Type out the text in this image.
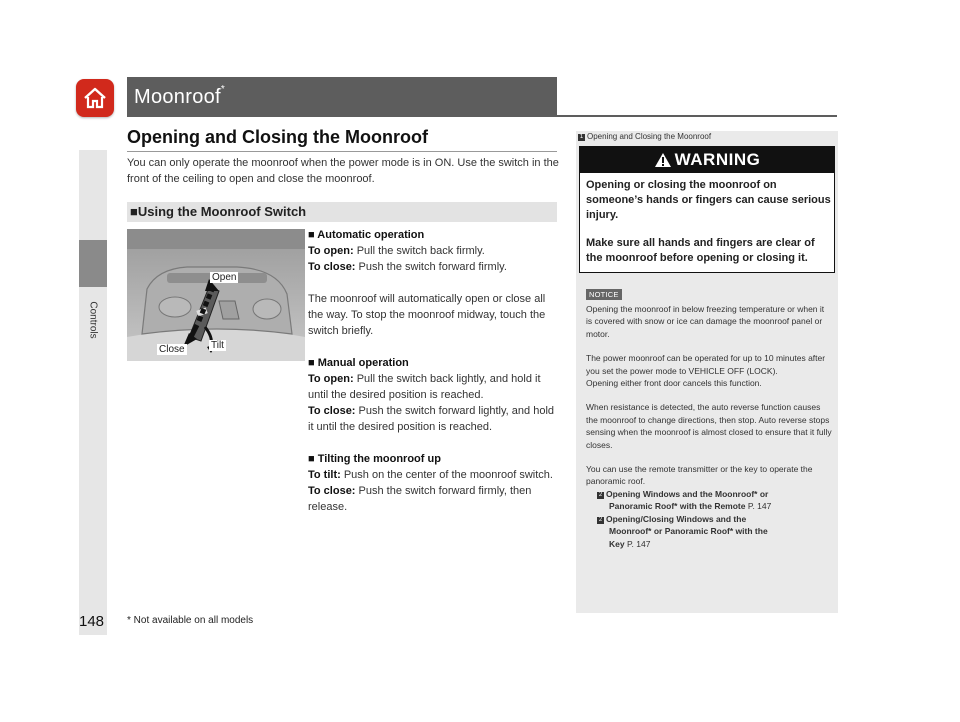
Controls
Moonroof*
Opening and Closing the Moonroof
You can only operate the moonroof when the power mode is in ON. Use the switch in the front of the ceiling to open and close the moonroof.
■Using the Moonroof Switch
Open
Tilt
Close

■ Automatic operation

To open: Pull the switch back firmly.

To close: Push the switch forward firmly.

The moonroof will automatically open or close all the way. To stop the moonroof midway, touch the switch briefly.

■ Manual operation

To open: Pull the switch back lightly, and hold it until the desired position is reached.

To close: Push the switch forward lightly, and hold it until the desired position is reached.

■ Tilting the moonroof up

To tilt: Push on the center of the moonroof switch.

To close: Push the switch forward firmly, then release.

1 Opening and Closing the Moonroof
WARNING
Opening or closing the moonroof on someone’s hands or fingers can cause serious injury.
Make sure all hands and fingers are clear of the moonroof before opening or closing it.
NOTICE

Opening the moonroof in below freezing temperature or when it is covered with snow or ice can damage the moonroof panel or motor.

The power moonroof can be operated for up to 10 minutes after you set the power mode to VEHICLE OFF (LOCK).

Opening either front door cancels this function.

When resistance is detected, the auto reverse function causes the moonroof to change directions, then stop. Auto reverse stops sensing when the moonroof is almost closed to ensure that it fully closes.

You can use the remote transmitter or the key to operate the panoramic roof.

2 Opening Windows and the Moonroof* or

Panoramic Roof* with the Remote P. 147

2 Opening/Closing Windows and the

Moonroof* or Panoramic Roof* with the

Key P. 147

148 * Not available on all models
